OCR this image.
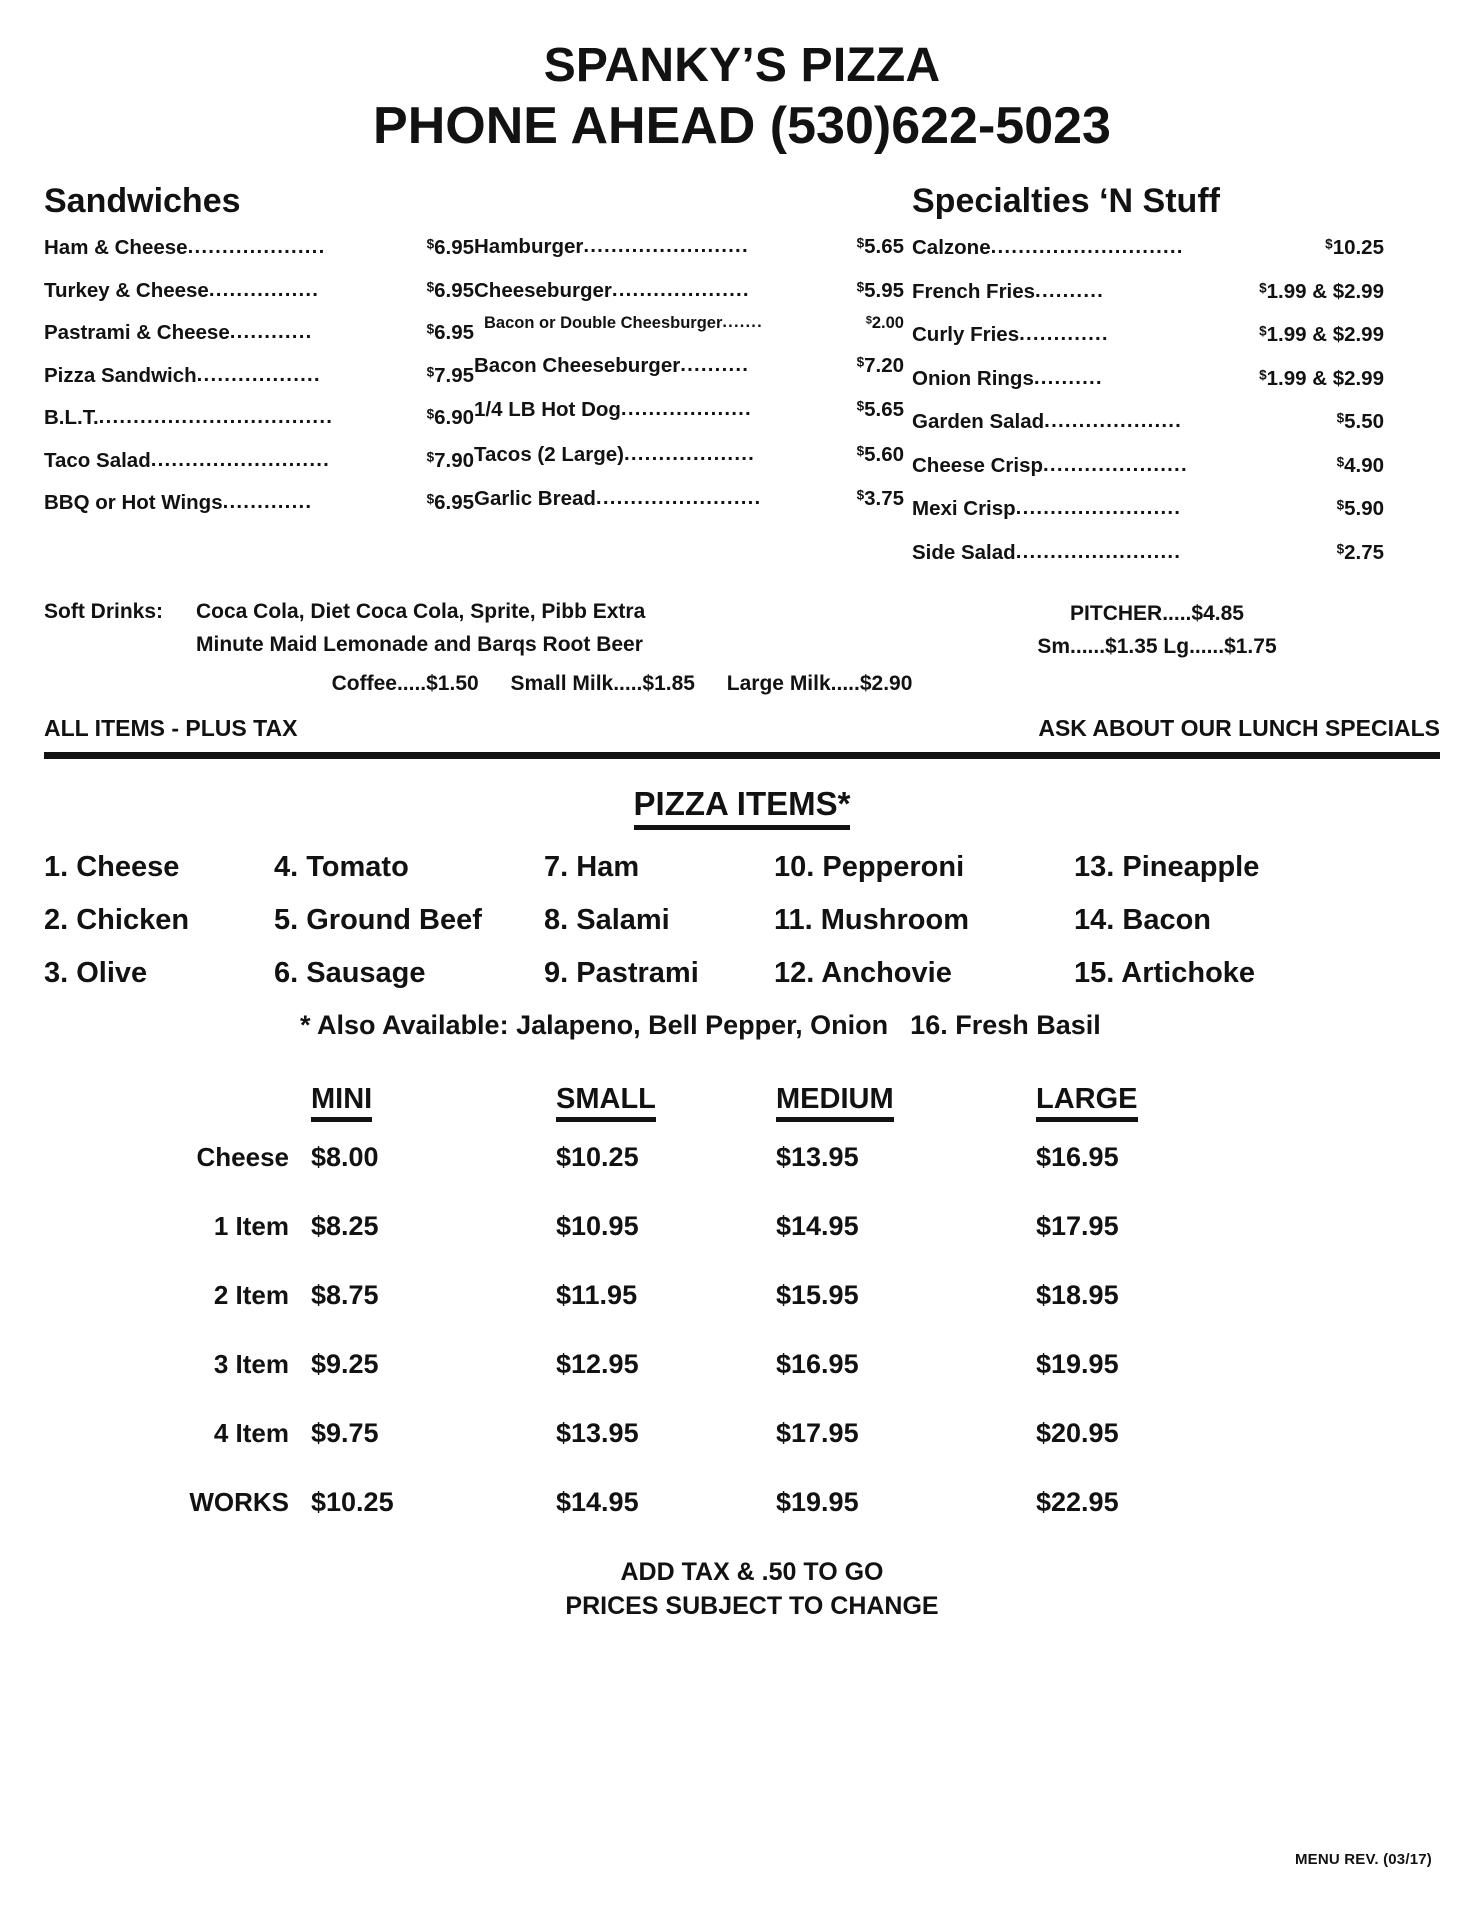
SPANKY’S PIZZA
PHONE AHEAD (530)622-5023
Sandwiches
Ham & Cheese ....................	$6.95
Turkey & Cheese ................	$6.95
Pastrami & Cheese ............	$6.95
Pizza Sandwich ..................	$7.95
B.L.T. ..................................	$6.90
Taco Salad ..........................	$7.90
BBQ or Hot Wings .............	$6.95
Hamburger ........................	$5.65
Cheeseburger ....................	$5.95
Bacon or Double Cheesburger .......	$2.00
Bacon Cheeseburger ..........	$7.20
1/4 LB Hot Dog ...................	$5.65
Tacos (2 Large) ...................	$5.60
Garlic Bread ........................	$3.75
Specialties ‘N Stuff
Calzone ............................	$10.25
French Fries ..........	$1.99 & $2.99
Curly Fries .............	$1.99 & $2.99
Onion Rings ..........	$1.99 & $2.99
Garden Salad ....................	$5.50
Cheese Crisp .....................	$4.90
Mexi Crisp ........................	$5.90
Side Salad ........................	$2.75
Soft Drinks:	Coca Cola, Diet Coca Cola, Sprite, Pibb Extra
Minute Maid Lemonade and Barqs Root Beer
PITCHER.....$4.85
Sm......$1.35 Lg......$1.75
Coffee.....$1.50 Small Milk.....$1.85 Large Milk.....$2.90
ALL ITEMS - PLUS TAX	ASK ABOUT OUR LUNCH SPECIALS
PIZZA ITEMS*
1. Cheese	4. Tomato	7. Ham	10. Pepperoni	13. Pineapple
2. Chicken	5. Ground Beef	8. Salami	11. Mushroom	14. Bacon
3. Olive	6. Sausage	9. Pastrami	12. Anchovie	15. Artichoke
* Also Available: Jalapeno, Bell Pepper, Onion 16. Fresh Basil
MINI	SMALL	MEDIUM	LARGE
Cheese $8.00	$10.25	$13.95	$16.95
1 Item $8.25	$10.95	$14.95	$17.95
2 Item $8.75	$11.95	$15.95	$18.95
3 Item $9.25	$12.95	$16.95	$19.95
4 Item $9.75	$13.95	$17.95	$20.95
WORKS $10.25	$14.95	$19.95	$22.95
ADD TAX & .50 TO GO
PRICES SUBJECT TO CHANGE
MENU REV. (03/17)
